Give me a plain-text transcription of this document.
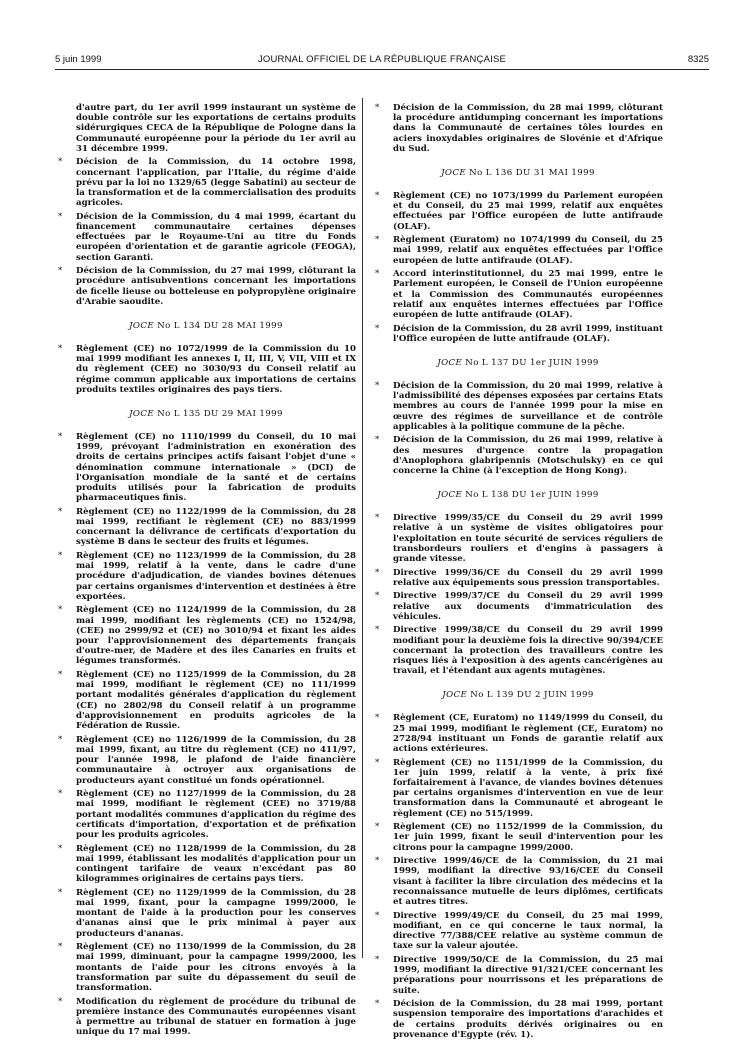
5 juin 1999	JOURNAL OFFICIEL DE LA RÉPUBLIQUE FRANÇAISE	8325
d'autre part, du 1er avril 1999 instaurant un système de double contrôle sur les exportations de certains produits sidérurgiques CECA de la République de Pologne dans la Communauté européenne pour la période du 1er avril au 31 décembre 1999.
* Décision de la Commission, du 14 octobre 1998, concernant l'application, par l'Italie, du régime d'aide prévu par la loi no 1329/65 (legge Sabatini) au secteur de la transformation et de la commercialisation des produits agricoles.
* Décision de la Commission, du 4 mai 1999, écartant du financement communautaire certaines dépenses effectuées par le Royaume-Uni au titre du Fonds européen d'orientation et de garantie agricole (FEOGA), section Garanti.
* Décision de la Commission, du 27 mai 1999, clôturant la procédure antisubventions concernant les importations de ficelle lieuse ou botteleuse en polypropylène originaire d'Arabie saoudite.
JOCE No L 134 DU 28 MAI 1999
* Règlement (CE) no 1072/1999 de la Commission du 10 mai 1999 modifiant les annexes I, II, III, V, VII, VIII et IX du règlement (CEE) no 3030/93 du Conseil relatif au régime commun applicable aux importations de certains produits textiles originaires des pays tiers.
JOCE No L 135 DU 29 MAI 1999
* Règlement (CE) no 1110/1999 du Conseil, du 10 mai 1999, prévoyant l'administration en exonération des droits de certains principes actifs faisant l'objet d'une « dénomination commune internationale » (DCI) de l'Organisation mondiale de la santé et de certains produits utilisés pour la fabrication de produits pharmaceutiques finis.
* Règlement (CE) no 1122/1999 de la Commission, du 28 mai 1999, rectifiant le règlement (CE) no 883/1999 concernant la délivrance de certificats d'exportation du système B dans le secteur des fruits et légumes.
* Règlement (CE) no 1123/1999 de la Commission, du 28 mai 1999, relatif à la vente, dans le cadre d'une procédure d'adjudication, de viandes bovines détenues par certains organismes d'intervention et destinées à être exportées.
* Règlement (CE) no 1124/1999 de la Commission, du 28 mai 1999, modifiant les règlements (CE) no 1524/98, (CEE) no 2999/92 et (CE) no 3010/94 et fixant les aides pour l'approvisionnement des départements français d'outre-mer, de Madère et des îles Canaries en fruits et légumes transformés.
* Règlement (CE) no 1125/1999 de la Commission, du 28 mai 1999, modifiant le règlement (CE) no 111/1999 portant modalités générales d'application du règlement (CE) no 2802/98 du Conseil relatif à un programme d'approvisionnement en produits agricoles de la Fédération de Russie.
* Règlement (CE) no 1126/1999 de la Commission, du 28 mai 1999, fixant, au titre du règlement (CE) no 411/97, pour l'année 1998, le plafond de l'aide financière communautaire à octroyer aux organisations de producteurs ayant constitué un fonds opérationnel.
* Règlement (CE) no 1127/1999 de la Commission, du 28 mai 1999, modifiant le règlement (CEE) no 3719/88 portant modalités communes d'application du régime des certificats d'importation, d'exportation et de préfixation pour les produits agricoles.
* Règlement (CE) no 1128/1999 de la Commission, du 28 mai 1999, établissant les modalités d'application pour un contingent tarifaire de veaux n'excédant pas 80 kilogrammes originaires de certains pays tiers.
* Règlement (CE) no 1129/1999 de la Commission, du 28 mai 1999, fixant, pour la campagne 1999/2000, le montant de l'aide à la production pour les conserves d'ananas ainsi que le prix minimal à payer aux producteurs d'ananas.
* Règlement (CE) no 1130/1999 de la Commission, du 28 mai 1999, diminuant, pour la campagne 1999/2000, les montants de l'aide pour les citrons envoyés à la transformation par suite du dépassement du seuil de transformation.
* Modification du règlement de procédure du tribunal de première instance des Communautés européennes visant à permettre au tribunal de statuer en formation à juge unique du 17 mai 1999.
* Décision de la Commission, du 28 mai 1999, clôturant la procédure antidumping concernant les importations dans la Communauté de certaines tôles lourdes en aciers inoxydables originaires de Slovénie et d'Afrique du Sud.
JOCE No L 136 DU 31 MAI 1999
* Règlement (CE) no 1073/1999 du Parlement européen et du Conseil, du 25 mai 1999, relatif aux enquêtes effectuées par l'Office européen de lutte antifraude (OLAF).
* Règlement (Euratom) no 1074/1999 du Conseil, du 25 mai 1999, relatif aux enquêtes effectuées par l'Office européen de lutte antifraude (OLAF).
* Accord interinstitutionnel, du 25 mai 1999, entre le Parlement européen, le Conseil de l'Union européenne et la Commission des Communautés européennes relatif aux enquêtes internes effectuées par l'Office européen de lutte antifraude (OLAF).
* Décision de la Commission, du 28 avril 1999, instituant l'Office européen de lutte antifraude (OLAF).
JOCE No L 137 DU 1er JUIN 1999
* Décision de la Commission, du 20 mai 1999, relative à l'admissibilité des dépenses exposées par certains Etats membres au cours de l'année 1999 pour la mise en œuvre des régimes de surveillance et de contrôle applicables à la politique commune de la pêche.
* Décision de la Commission, du 26 mai 1999, relative à des mesures d'urgence contre la propagation d'Anoplophora glabripennis (Motschulsky) en ce qui concerne la Chine (à l'exception de Hong Kong).
JOCE No L 138 DU 1er JUIN 1999
* Directive 1999/35/CE du Conseil du 29 avril 1999 relative à un système de visites obligatoires pour l'exploitation en toute sécurité de services réguliers de transbordeurs rouliers et d'engins à passagers à grande vitesse.
* Directive 1999/36/CE du Conseil du 29 avril 1999 relative aux équipements sous pression transportables.
* Directive 1999/37/CE du Conseil du 29 avril 1999 relative aux documents d'immatriculation des véhicules.
* Directive 1999/38/CE du Conseil du 29 avril 1999 modifiant pour la deuxième fois la directive 90/394/CEE concernant la protection des travailleurs contre les risques liés à l'exposition à des agents cancérigènes au travail, et l'étendant aux agents mutagènes.
JOCE No L 139 DU 2 JUIN 1999
* Règlement (CE, Euratom) no 1149/1999 du Conseil, du 25 mai 1999, modifiant le règlement (CE, Euratom) no 2728/94 instituant un Fonds de garantie relatif aux actions extérieures.
* Règlement (CE) no 1151/1999 de la Commission, du 1er juin 1999, relatif à la vente, à prix fixé forfaitairement à l'avance, de viandes bovines détenues par certains organismes d'intervention en vue de leur transformation dans la Communauté et abrogeant le règlement (CE) no 515/1999.
* Règlement (CE) no 1152/1999 de la Commission, du 1er juin 1999, fixant le seuil d'intervention pour les citrons pour la campagne 1999/2000.
* Directive 1999/46/CE de la Commission, du 21 mai 1999, modifiant la directive 93/16/CEE du Conseil visant à faciliter la libre circulation des médecins et la reconnaissance mutuelle de leurs diplômes, certificats et autres titres.
* Directive 1999/49/CE du Conseil, du 25 mai 1999, modifiant, en ce qui concerne le taux normal, la directive 77/388/CEE relative au système commun de taxe sur la valeur ajoutée.
* Directive 1999/50/CE de la Commission, du 25 mai 1999, modifiant la directive 91/321/CEE concernant les préparations pour nourrissons et les préparations de suite.
* Décision de la Commission, du 28 mai 1999, portant suspension temporaire des importations d'arachides et de certains produits dérivés originaires ou en provenance d'Egypte (rév. 1).
